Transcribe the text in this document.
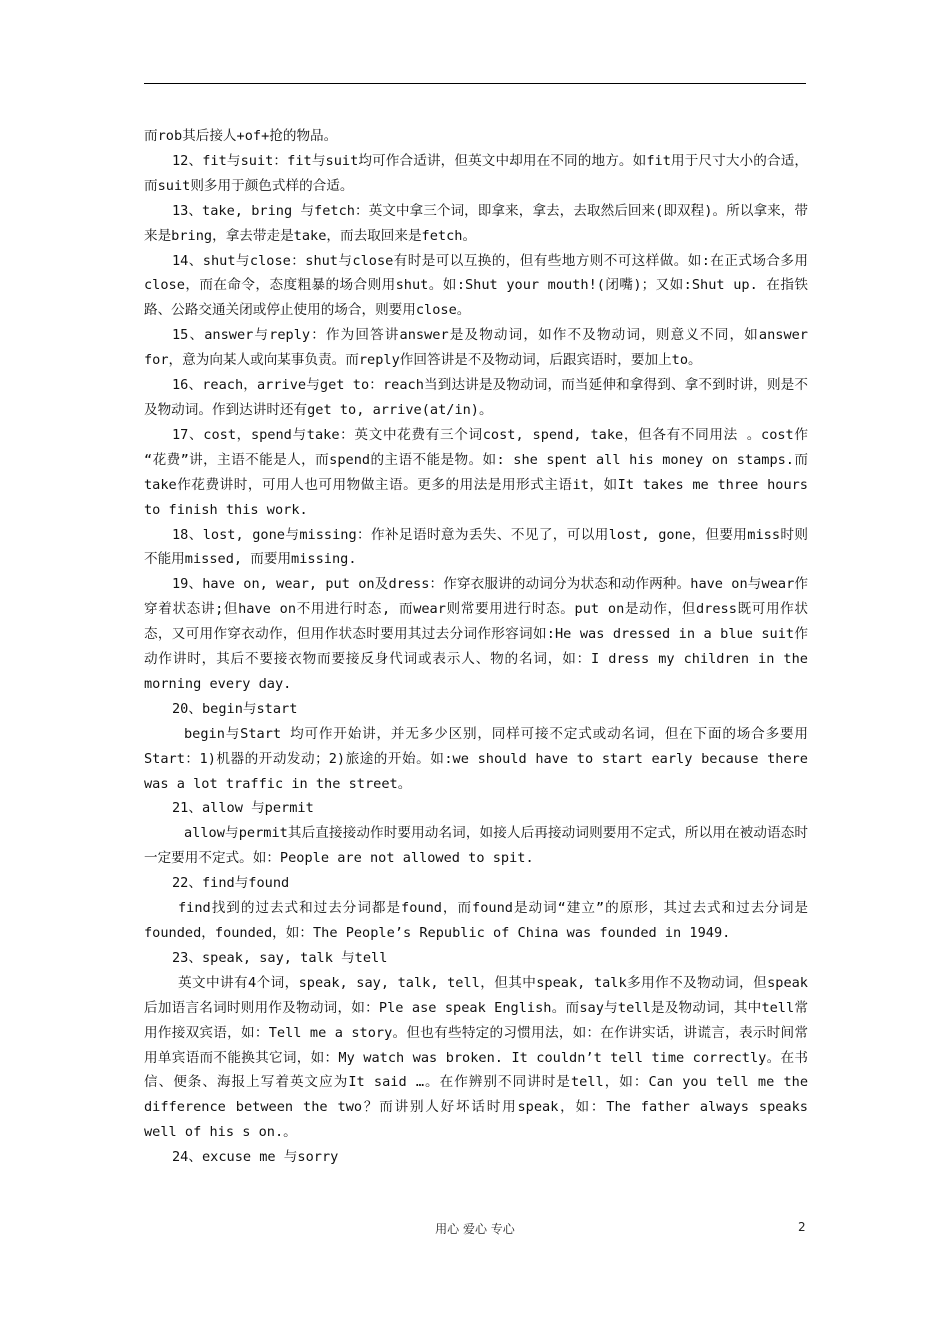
而rob其后接人+of+抢的物品。

12、fit与suit：fit与suit均可作合适讲，但英文中却用在不同的地方。如fit用于尺寸大小的合适，而suit则多用于颜色式样的合适。

13、take, bring 与fetch：英文中拿三个词，即拿来，拿去，去取然后回来(即双程)。所以拿来，带来是bring，拿去带走是take，而去取回来是fetch。

14、shut与close：shut与close有时是可以互换的，但有些地方则不可这样做。如:在正式场合多用close，而在命令，态度粗暴的场合则用shut。如:Shut your mouth!(闭嘴)；又如:Shut up. 在指铁路、公路交通关闭或停止使用的场合，则要用close。

15、answer与reply：作为回答讲answer是及物动词，如作不及物动词，则意义不同，如answer for，意为向某人或向某事负责。而reply作回答讲是不及物动词，后跟宾语时，要加上to。

16、reach，arrive与get to：reach当到达讲是及物动词，而当延伸和拿得到、拿不到时讲，则是不及物动词。作到达讲时还有get to, arrive(at/in)。

17、cost，spend与take：英文中花费有三个词cost, spend, take，但各有不同用法 。cost作 “花费”讲，主语不能是人，而spend的主语不能是物。如: she spent all his money on stamps.而take作花费讲时，可用人也可用物做主语。更多的用法是用形式主语it，如It takes me three hours to finish this work.

18、lost, gone与missing：作补足语时意为丢失、不见了，可以用lost, gone，但要用miss时则不能用missed, 而要用missing.

19、have on, wear, put on及dress：作穿衣服讲的动词分为状态和动作两种。have on与wear作穿着状态讲;但have on不用进行时态, 而wear则常要用进行时态。put on是动作，但dress既可用作状态，又可用作穿衣动作，但用作状态时要用其过去分词作形容词如:He was dressed in a blue suit作动作讲时，其后不要接衣物而要接反身代词或表示人、物的名词，如：I dress my children in the morning every day.

20、begin与start

begin与Start 均可作开始讲，并无多少区别，同样可接不定式或动名词，但在下面的场合多要用Start：1)机器的开动发动；2)旅途的开始。如:we should have to start early because there was a lot traffic in the street。

21、allow 与permit

allow与permit其后直接接动作时要用动名词，如接人后再接动词则要用不定式，所以用在被动语态时一定要用不定式。如：People are not allowed to spit.

22、find与found

find找到的过去式和过去分词都是found，而found是动词“建立”的原形，其过去式和过去分词是founded，founded，如：The People’s Republic of China was founded in 1949.

23、speak, say, talk 与tell

英文中讲有4个词，speak, say, talk, tell，但其中speak, talk多用作不及物动词，但speak后加语言名词时则用作及物动词，如：Ple ase speak English。而say与tell是及物动词，其中tell常用作接双宾语，如：Tell me a story。但也有些特定的习惯用法，如：在作讲实话，讲谎言，表示时间常用单宾语而不能换其它词，如：My watch was broken. It couldn’t tell time correctly。在书信、便条、海报上写着英文应为It said …。在作辨别不同讲时是tell，如：Can you tell me the difference between the two？而讲别人好坏话时用speak，如：The father always speaks well of his s on.。

24、excuse me 与sorry

用心 爱心 专心	2
